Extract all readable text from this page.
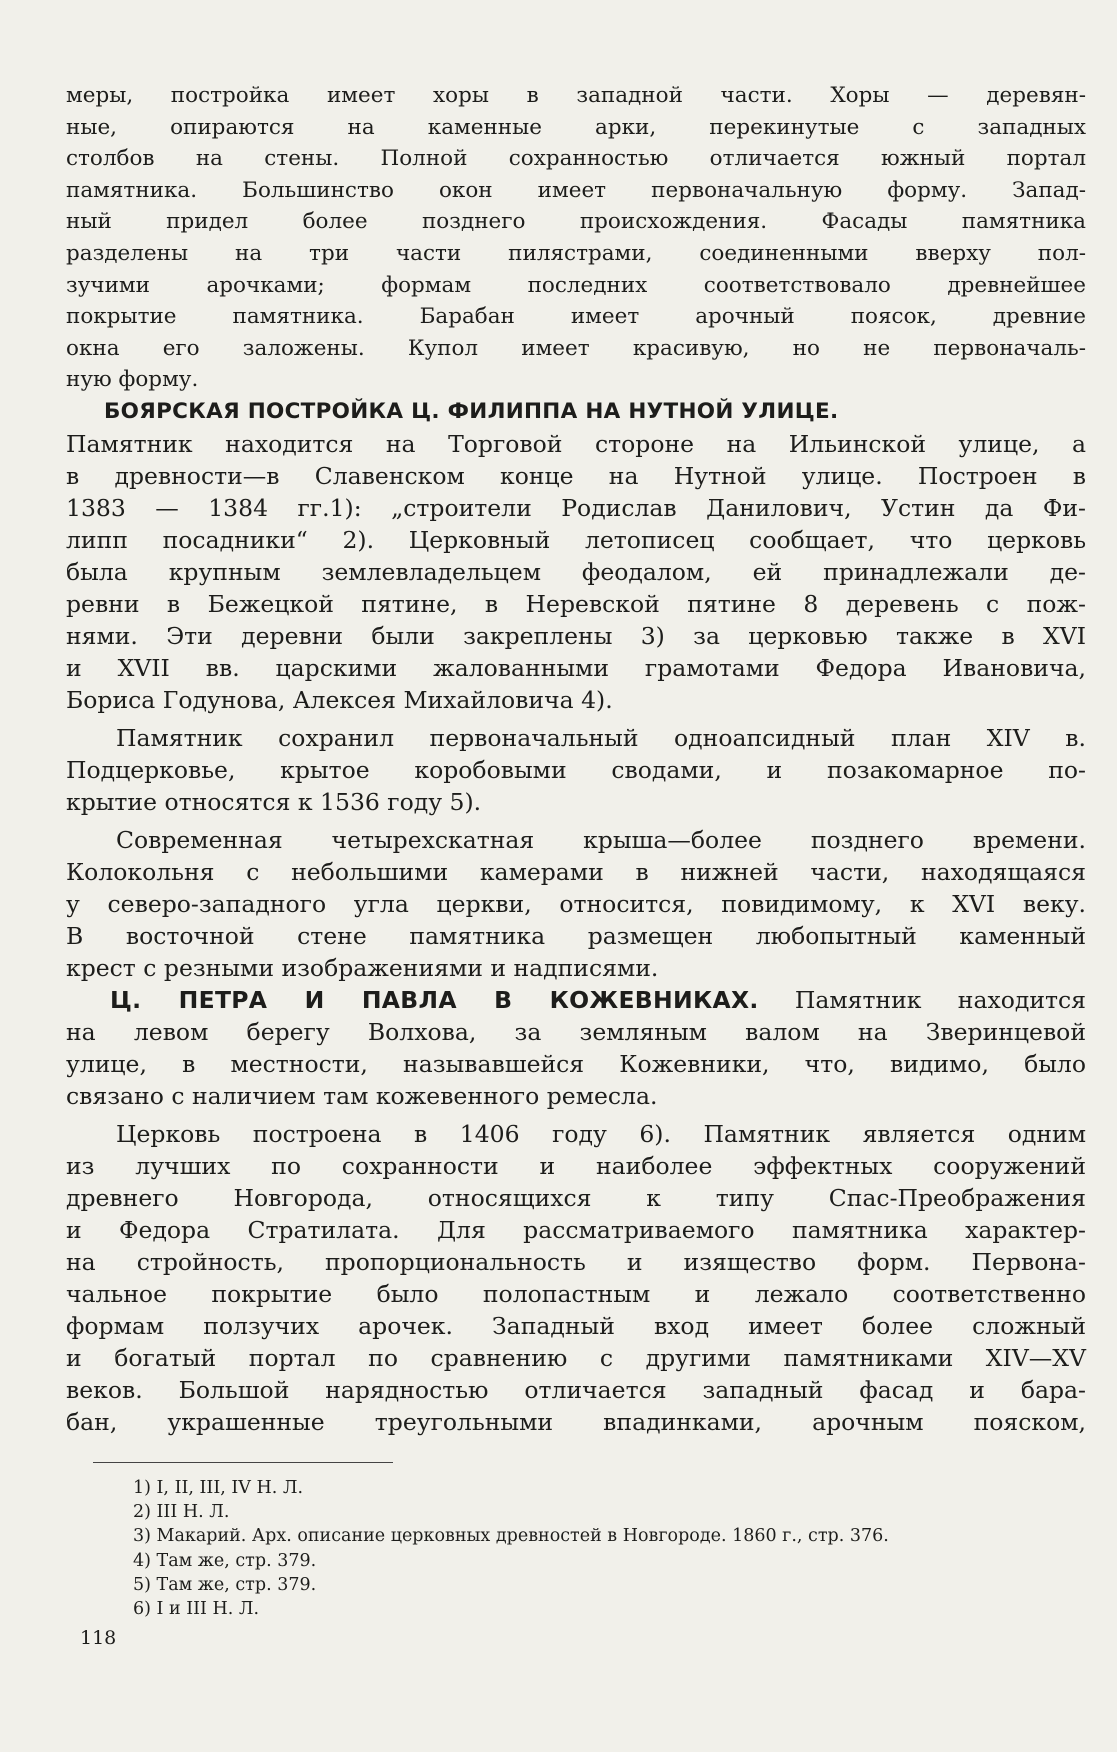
меры, постройка имеет хоры в западной части. Хоры — деревян-
ные, опираются на каменные арки, перекинутые с западных
столбов на стены. Полной сохранностью отличается южный портал
памятника. Большинство окон имеет первоначальную форму. Запад-
ный придел более позднего происхождения. Фасады памятника
разделены на три части пилястрами, соединенными вверху пол-
зучими арочками; формам последних соответствовало древнейшее
покрытие памятника. Барабан имеет арочный поясок, древние
окна его заложены. Купол имеет красивую, но не первоначаль-
ную форму.
БОЯРСКАЯ ПОСТРОЙКА Ц. ФИЛИППА НА НУТНОЙ УЛИЦЕ.
Памятник находится на Торговой стороне на Ильинской улице, а
в древности—в Славенском конце на Нутной улице. Построен в
1383 — 1384 гг.1): „строители Родислав Данилович, Устин да Фи-
липп посадники“ 2). Церковный летописец сообщает, что церковь
была крупным землевладельцем феодалом, ей принадлежали де-
ревни в Бежецкой пятине, в Неревской пятине 8 деревень с пож-
нями. Эти деревни были закреплены 3) за церковью также в XVI
и XVII вв. царскими жалованными грамотами Федора Ивановича,
Бориса Годунова, Алексея Михайловича 4).
Памятник сохранил первоначальный одноапсидный план XIV в.
Подцерковье, крытое коробовыми сводами, и позакомарное по-
крытие относятся к 1536 году 5).
Современная четырехскатная крыша—более позднего времени.
Колокольня с небольшими камерами в нижней части, находящаяся
у северо-западного угла церкви, относится, повидимому, к XVI веку.
В восточной стене памятника размещен любопытный каменный
крест с резными изображениями и надписями.
Ц. ПЕТРА И ПАВЛА В КОЖЕВНИКАХ. Памятник находится
на левом берегу Волхова, за земляным валом на Зверинцевой
улице, в местности, называвшейся Кожевники, что, видимо, было
связано с наличием там кожевенного ремесла.
Церковь построена в 1406 году 6). Памятник является одним
из лучших по сохранности и наиболее эффектных сооружений
древнего Новгорода, относящихся к типу Спас-Преображения
и Федора Стратилата. Для рассматриваемого памятника характер-
на стройность, пропорциональность и изящество форм. Первона-
чальное покрытие было полопастным и лежало соответственно
формам ползучих арочек. Западный вход имеет более сложный
и богатый портал по сравнению с другими памятниками XIV—XV
веков. Большой нарядностью отличается западный фасад и бара-
бан, украшенные треугольными впадинками, арочным пояском,
1) I, II, III, IV Н. Л.
2) III Н. Л.
3) Макарий. Арх. описание церковных древностей в Новгороде. 1860 г., стр. 376.
4) Там же, стр. 379.
5) Там же, стр. 379.
6) I и III Н. Л.
118
